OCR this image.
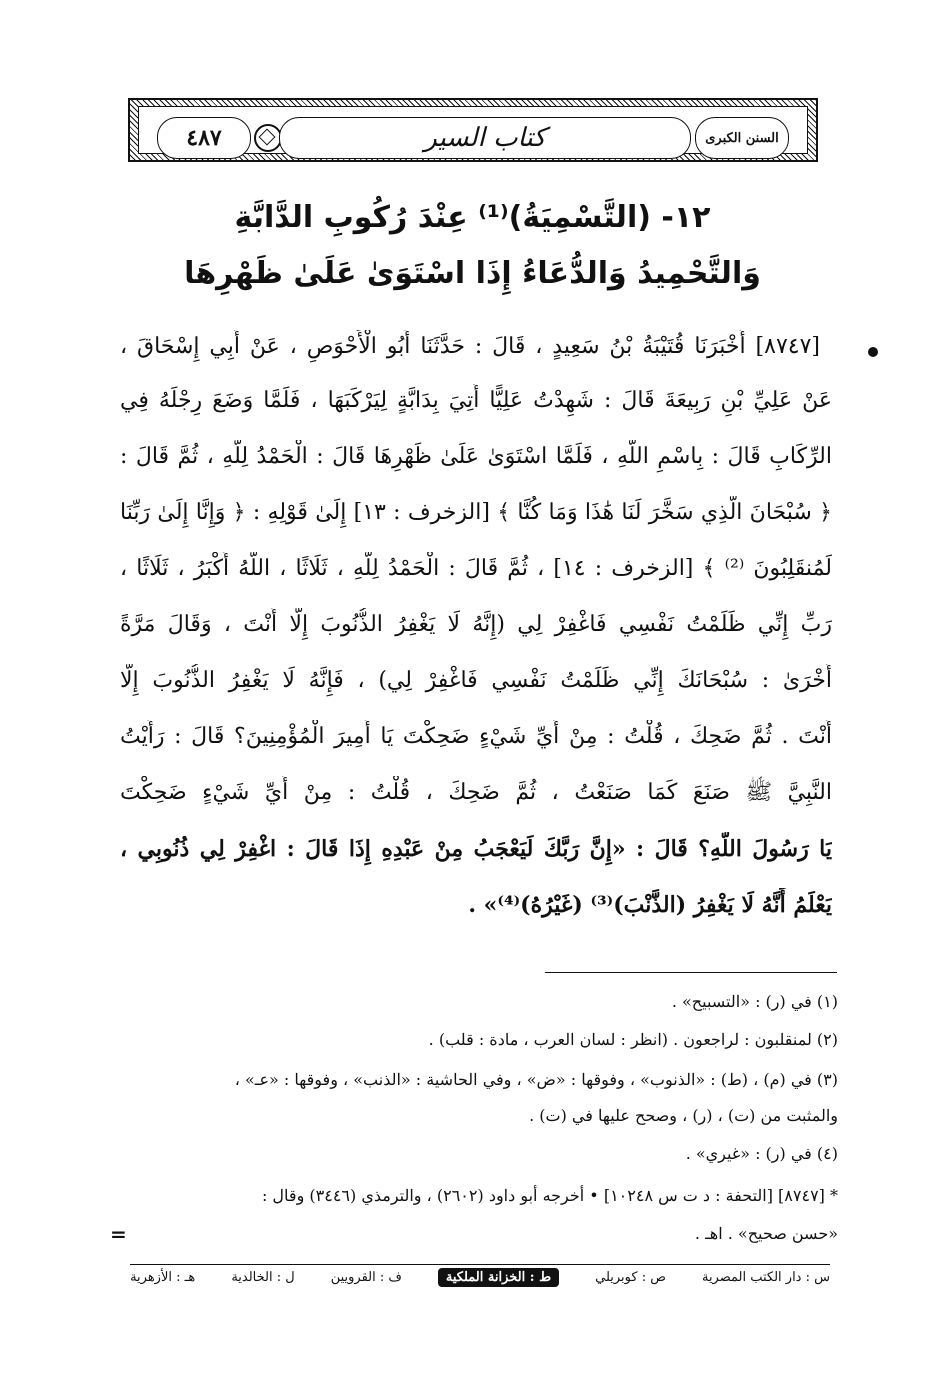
٤٨٧	كتاب السير	السنن الكبرى
١٢- (التَّسْمِيَةُ)⁽¹⁾ عِنْدَ رُكُوبِ الدَّابَّةِ
وَالتَّحْمِيدُ وَالدُّعَاءُ إِذَا اسْتَوَىٰ عَلَىٰ ظَهْرِهَا
[٨٧٤٧] أَخْبَرَنَا قُتَيْبَةُ بْنُ سَعِيدٍ ، قَالَ : حَدَّثَنَا أَبُو الْأَحْوَصِ ، عَنْ أَبِي إِسْحَاقَ ،
عَنْ عَلِيِّ بْنِ رَبِيعَةَ قَالَ : شَهِدْتُ عَلِيًّا أُتِيَ بِدَابَّةٍ لِيَرْكَبَهَا ، فَلَمَّا وَضَعَ رِجْلَهُ فِي
الرِّكَابِ قَالَ : بِاسْمِ اللَّهِ ، فَلَمَّا اسْتَوَىٰ عَلَىٰ ظَهْرِهَا قَالَ : الْحَمْدُ لِلَّهِ ، ثُمَّ قَالَ :
﴿ سُبْحَانَ الَّذِي سَخَّرَ لَنَا هَٰذَا وَمَا كُنَّا ﴾ [الزخرف : ١٣] إِلَىٰ قَوْلِهِ : ﴿ وَإِنَّا إِلَىٰ رَبِّنَا
لَمُنقَلِبُونَ ⁽²⁾ ﴾ [الزخرف : ١٤] ، ثُمَّ قَالَ : الْحَمْدُ لِلَّهِ ، ثَلَاثًا ، اللَّهُ أَكْبَرُ ، ثَلَاثًا ،
رَبِّ إِنِّي ظَلَمْتُ نَفْسِي فَاغْفِرْ لِي (إِنَّهُ لَا يَغْفِرُ الذُّنُوبَ إِلَّا أَنْتَ ، وَقَالَ مَرَّةً
أُخْرَىٰ : سُبْحَانَكَ إِنِّي ظَلَمْتُ نَفْسِي فَاغْفِرْ لِي) ، فَإِنَّهُ لَا يَغْفِرُ الذُّنُوبَ إِلَّا
أَنْتَ . ثُمَّ ضَحِكَ ، قُلْتُ : مِنْ أَيِّ شَيْءٍ ضَحِكْتَ يَا أَمِيرَ الْمُؤْمِنِينَ؟ قَالَ : رَأَيْتُ
النَّبِيَّ ﷺ صَنَعَ كَمَا صَنَعْتُ ، ثُمَّ ضَحِكَ ، قُلْتُ : مِنْ أَيِّ شَيْءٍ ضَحِكْتَ
يَا رَسُولَ اللَّهِ؟ قَالَ : «إِنَّ رَبَّكَ لَيَعْجَبُ مِنْ عَبْدِهِ إِذَا قَالَ : اغْفِرْ لِي ذُنُوبِي ،
يَعْلَمُ أَنَّهُ لَا يَغْفِرُ (الذَّنْبَ)⁽³⁾ (غَيْرُهُ)⁽⁴⁾» .
(١) في (ر) : «التسبيح» .
(٢) لمنقلبون : لراجعون . (انظر : لسان العرب ، مادة : قلب) .
(٣) في (م) ، (ط) : «الذنوب» ، وفوقها : «ض» ، وفي الحاشية : «الذنب» ، وفوقها : «عـ» ،
والمثبت من (ت) ، (ر) ، وصحح عليها في (ت) .
(٤) في (ر) : «غيري» .
* [٨٧٤٧] [التحفة : د ت س ١٠٢٤٨] • أخرجه أبو داود (٢٦٠٢) ، والترمذي (٣٤٤٦) وقال :
«حسن صحيح» . اهـ .
=
س : دار الكتب المصرية
ص : كوبريلي
ط : الخزانة الملكية
ف : القرويين
ل : الخالدية
هـ : الأزهرية
